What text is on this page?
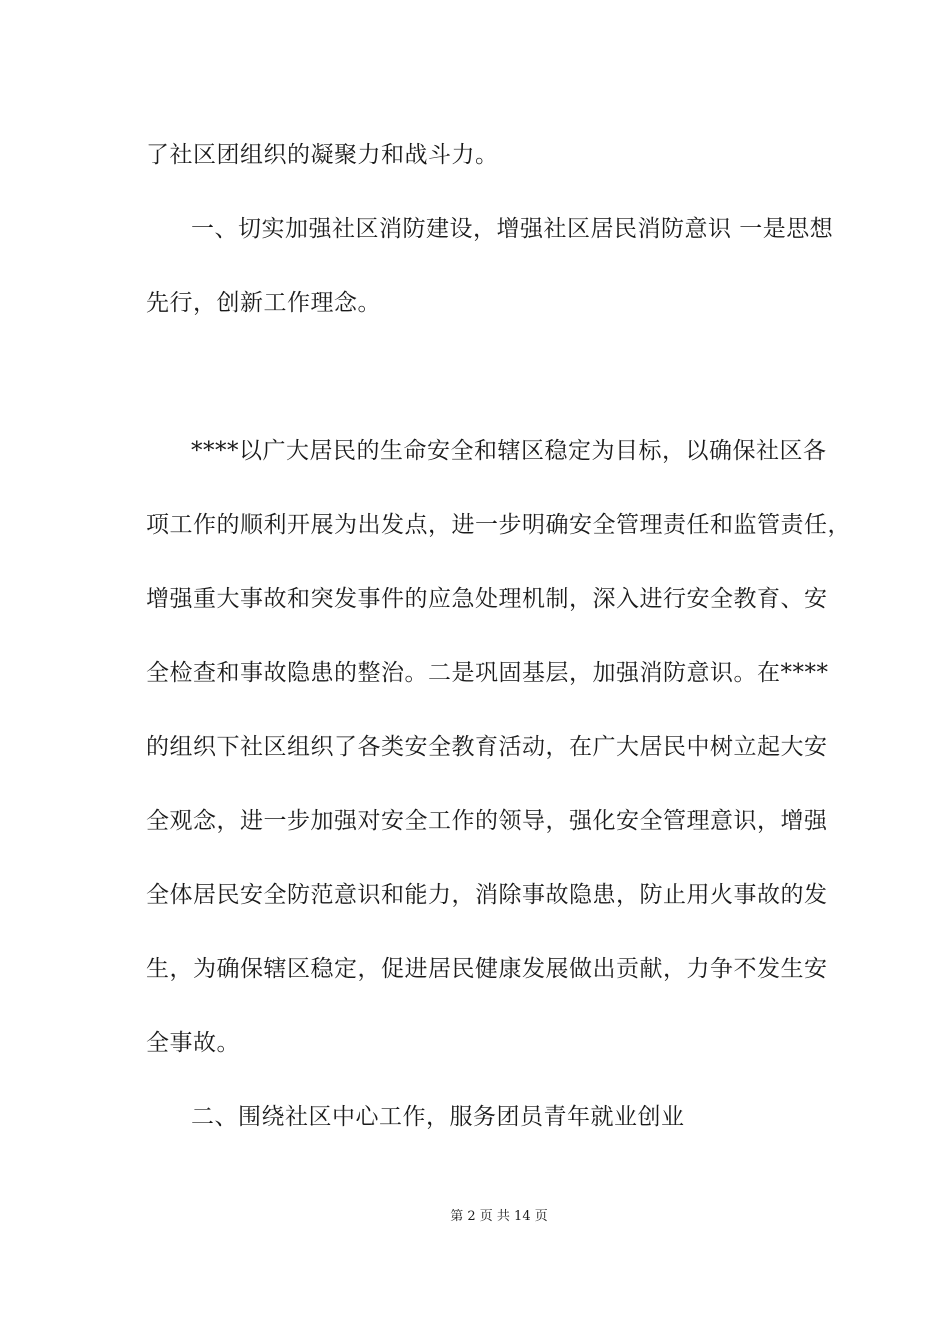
了社区团组织的凝聚力和战斗力。
一、切实加强社区消防建设，增强社区居民消防意识 一是思想
先行，创新工作理念。
****以广大居民的生命安全和辖区稳定为目标，以确保社区各
项工作的顺利开展为出发点，进一步明确安全管理责任和监管责任，
增强重大事故和突发事件的应急处理机制，深入进行安全教育、安
全检查和事故隐患的整治。二是巩固基层，加强消防意识。在****
的组织下社区组织了各类安全教育活动，在广大居民中树立起大安
全观念，进一步加强对安全工作的领导，强化安全管理意识，增强
全体居民安全防范意识和能力，消除事故隐患，防止用火事故的发
生，为确保辖区稳定，促进居民健康发展做出贡献，力争不发生安
全事故。
二、围绕社区中心工作，服务团员青年就业创业
第 2 页 共 14 页
